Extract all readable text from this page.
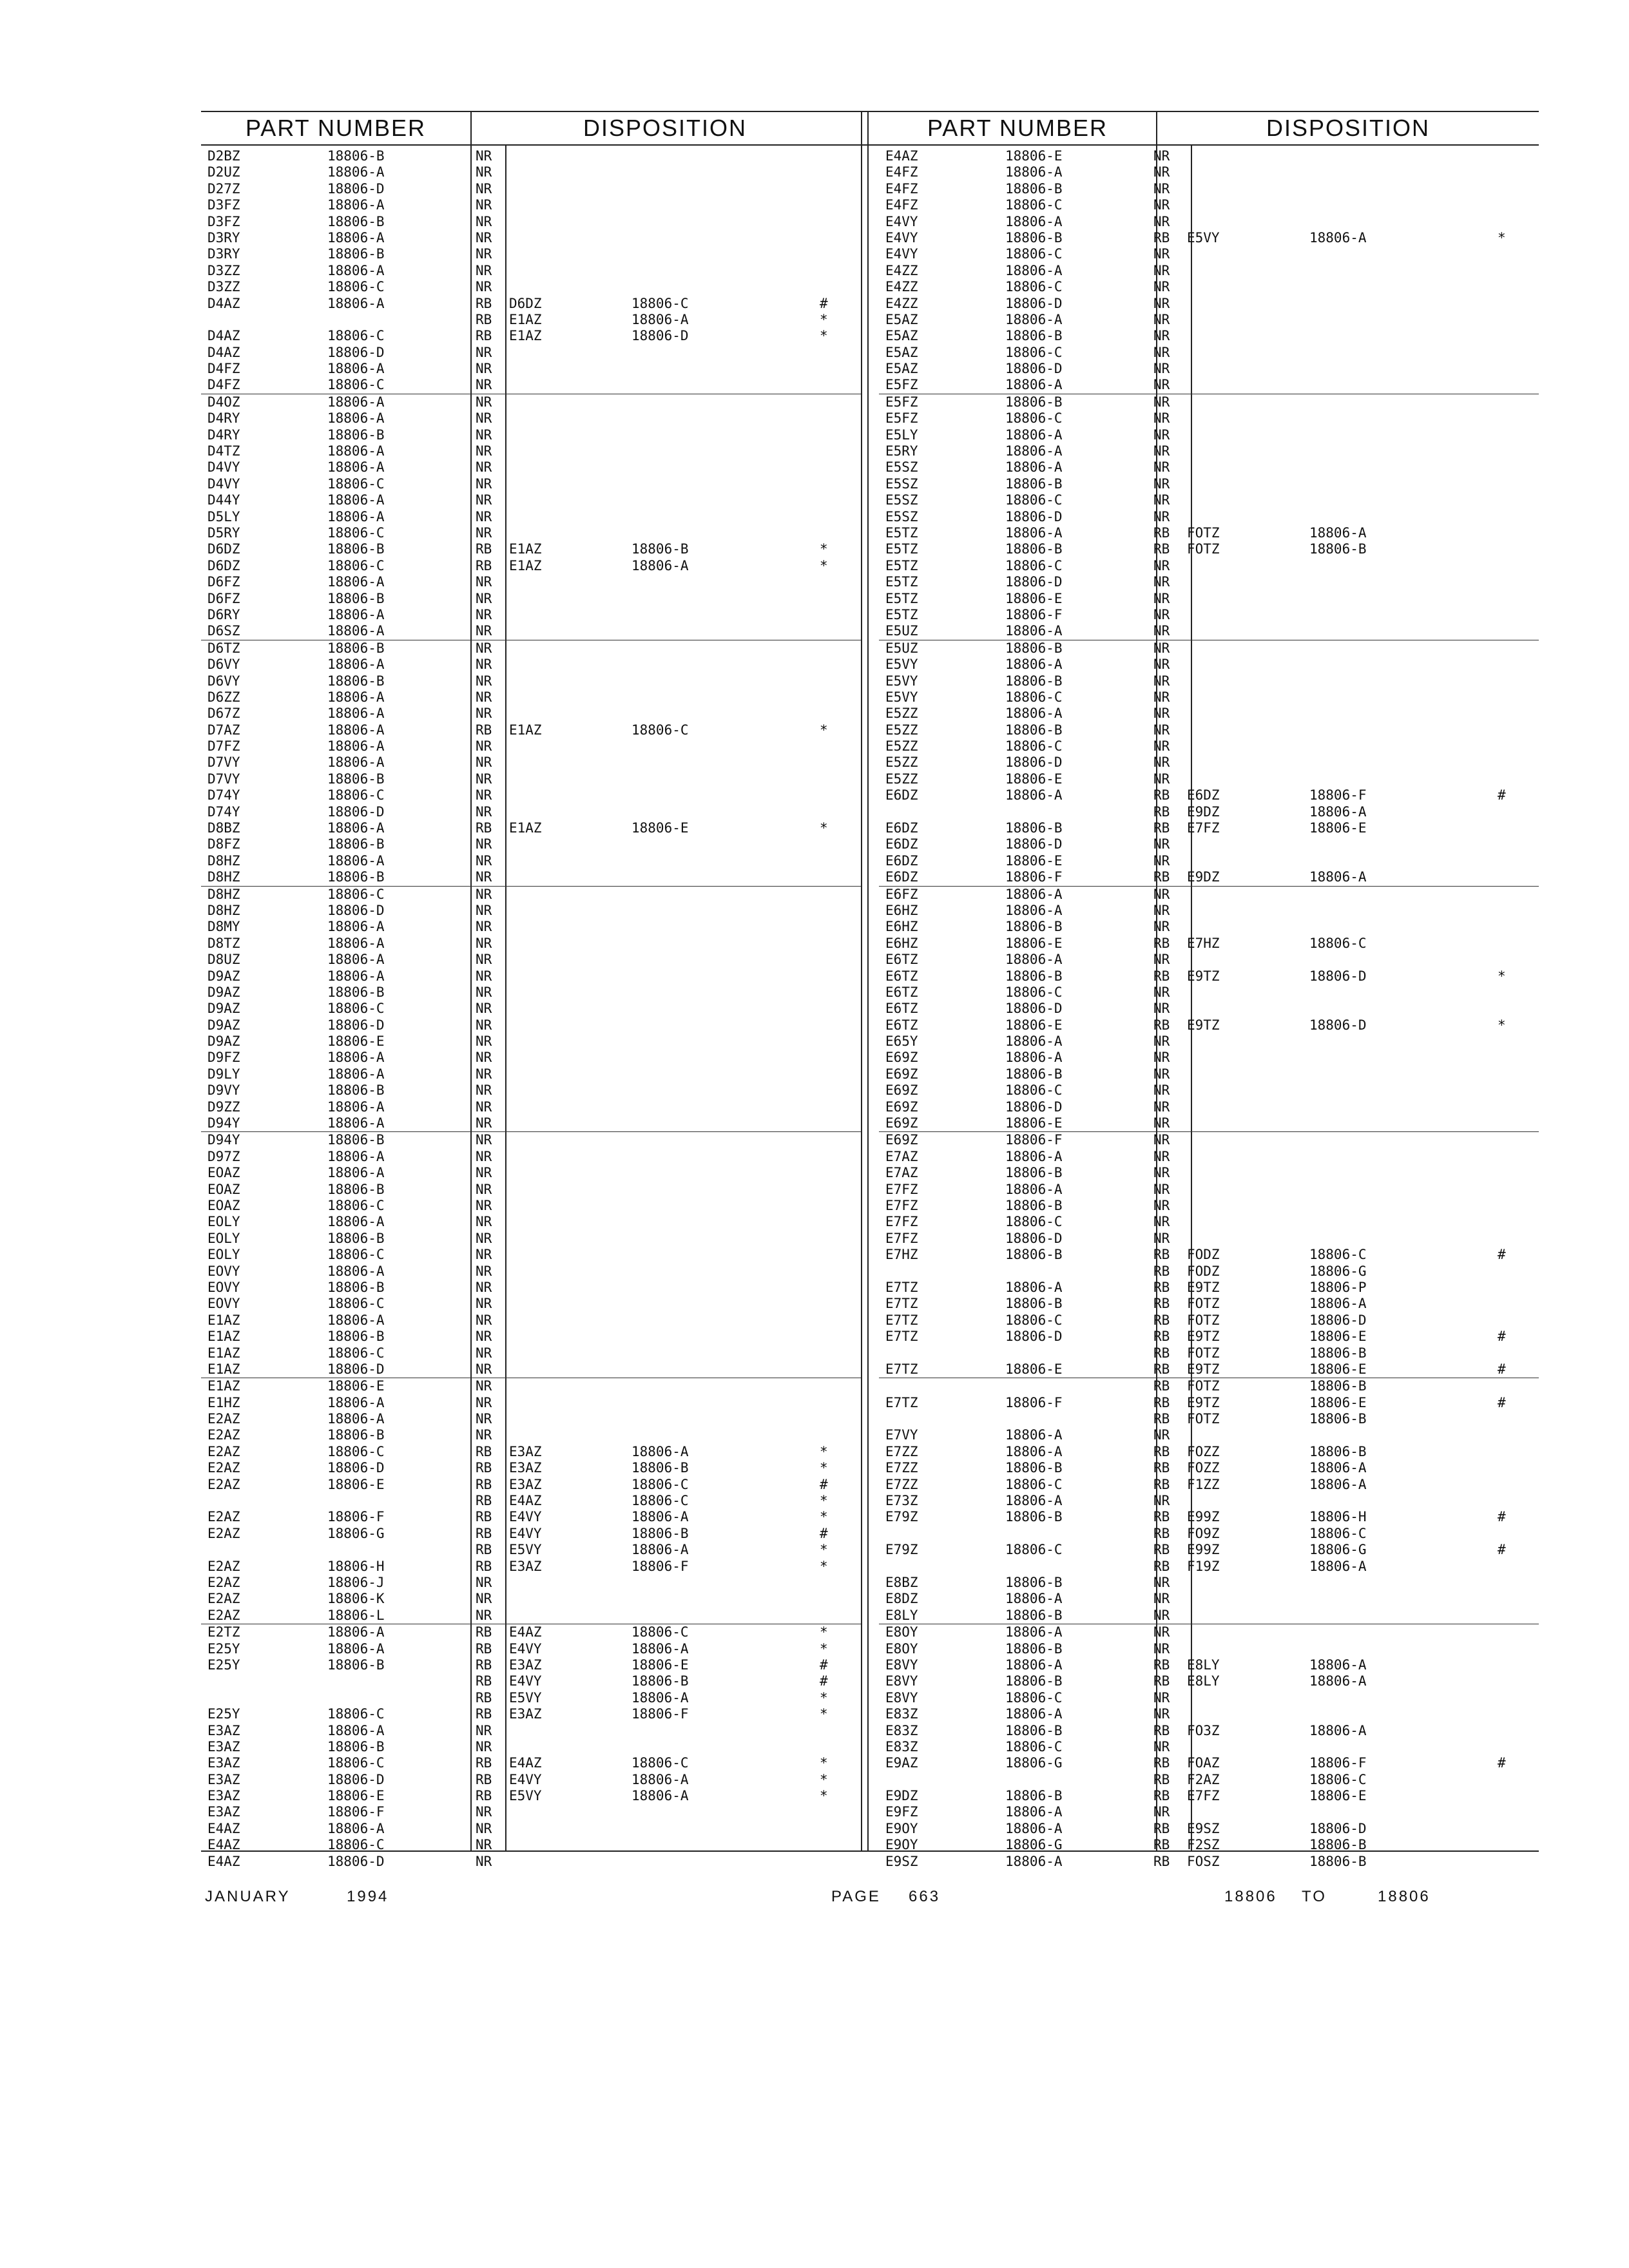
PART NUMBER	DISPOSITION	PART NUMBER	DISPOSITION
D2BZ	18806-B	NR
D2UZ	18806-A	NR
D27Z	18806-D	NR
D3FZ	18806-A	NR
D3FZ	18806-B	NR
D3RY	18806-A	NR
D3RY	18806-B	NR
D3ZZ	18806-A	NR
D3ZZ	18806-C	NR
D4AZ	18806-A	RB D6DZ	18806-C	#
RB E1AZ	18806-A	*
D4AZ	18806-C	RB E1AZ	18806-D	*
D4AZ	18806-D	NR
D4FZ	18806-A	NR
D4FZ	18806-C	NR
D4OZ	18806-A	NR
D4RY	18806-A	NR
D4RY	18806-B	NR
D4TZ	18806-A	NR
D4VY	18806-A	NR
D4VY	18806-C	NR
D44Y	18806-A	NR
D5LY	18806-A	NR
D5RY	18806-C	NR
D6DZ	18806-B	RB E1AZ	18806-B	*
D6DZ	18806-C	RB E1AZ	18806-A	*
D6FZ	18806-A	NR
D6FZ	18806-B	NR
D6RY	18806-A	NR
D6SZ	18806-A	NR
D6TZ	18806-B	NR
D6VY	18806-A	NR
D6VY	18806-B	NR
D6ZZ	18806-A	NR
D67Z	18806-A	NR
D7AZ	18806-A	RB E1AZ	18806-C	*
D7FZ	18806-A	NR
D7VY	18806-A	NR
D7VY	18806-B	NR
D74Y	18806-C	NR
D74Y	18806-D	NR
D8BZ	18806-A	RB E1AZ	18806-E	*
D8FZ	18806-B	NR
D8HZ	18806-A	NR
D8HZ	18806-B	NR
D8HZ	18806-C	NR
D8HZ	18806-D	NR
D8MY	18806-A	NR
D8TZ	18806-A	NR
D8UZ	18806-A	NR
D9AZ	18806-A	NR
D9AZ	18806-B	NR
D9AZ	18806-C	NR
D9AZ	18806-D	NR
D9AZ	18806-E	NR
D9FZ	18806-A	NR
D9LY	18806-A	NR
D9VY	18806-B	NR
D9ZZ	18806-A	NR
D94Y	18806-A	NR
D94Y	18806-B	NR
D97Z	18806-A	NR
EOAZ	18806-A	NR
EOAZ	18806-B	NR
EOAZ	18806-C	NR
EOLY	18806-A	NR
EOLY	18806-B	NR
EOLY	18806-C	NR
EOVY	18806-A	NR
EOVY	18806-B	NR
EOVY	18806-C	NR
E1AZ	18806-A	NR
E1AZ	18806-B	NR
E1AZ	18806-C	NR
E1AZ	18806-D	NR
E1AZ	18806-E	NR
E1HZ	18806-A	NR
E2AZ	18806-A	NR
E2AZ	18806-B	NR
E2AZ	18806-C	RB E3AZ	18806-A	*
E2AZ	18806-D	RB E3AZ	18806-B	*
E2AZ	18806-E	RB E3AZ	18806-C	#
RB E4AZ	18806-C	*
E2AZ	18806-F	RB E4VY	18806-A	*
E2AZ	18806-G	RB E4VY	18806-B	#
RB E5VY	18806-A	*
E2AZ	18806-H	RB E3AZ	18806-F	*
E2AZ	18806-J	NR
E2AZ	18806-K	NR
E2AZ	18806-L	NR
E2TZ	18806-A	RB E4AZ	18806-C	*
E25Y	18806-A	RB E4VY	18806-A	*
E25Y	18806-B	RB E3AZ	18806-E	#
RB E4VY	18806-B	#
RB E5VY	18806-A	*
E25Y	18806-C	RB E3AZ	18806-F	*
E3AZ	18806-A	NR
E3AZ	18806-B	NR
E3AZ	18806-C	RB E4AZ	18806-C	*
E3AZ	18806-D	RB E4VY	18806-A	*
E3AZ	18806-E	RB E5VY	18806-A	*
E3AZ	18806-F	NR
E4AZ	18806-A	NR
E4AZ	18806-C	NR
E4AZ	18806-D	NR
E4AZ	18806-E	NR
E4FZ	18806-A	NR
E4FZ	18806-B	NR
E4FZ	18806-C	NR
E4VY	18806-A	NR
E4VY	18806-B	RB E5VY	18806-A	*
E4VY	18806-C	NR
E4ZZ	18806-A	NR
E4ZZ	18806-C	NR
E4ZZ	18806-D	NR
E5AZ	18806-A	NR
E5AZ	18806-B	NR
E5AZ	18806-C	NR
E5AZ	18806-D	NR
E5FZ	18806-A	NR
E5FZ	18806-B	NR
E5FZ	18806-C	NR
E5LY	18806-A	NR
E5RY	18806-A	NR
E5SZ	18806-A	NR
E5SZ	18806-B	NR
E5SZ	18806-C	NR
E5SZ	18806-D	NR
E5TZ	18806-A	RB FOTZ	18806-A
E5TZ	18806-B	RB FOTZ	18806-B
E5TZ	18806-C	NR
E5TZ	18806-D	NR
E5TZ	18806-E	NR
E5TZ	18806-F	NR
E5UZ	18806-A	NR
E5UZ	18806-B	NR
E5VY	18806-A	NR
E5VY	18806-B	NR
E5VY	18806-C	NR
E5ZZ	18806-A	NR
E5ZZ	18806-B	NR
E5ZZ	18806-C	NR
E5ZZ	18806-D	NR
E5ZZ	18806-E	NR
E6DZ	18806-A	RB E6DZ	18806-F	#
RB E9DZ	18806-A
E6DZ	18806-B	RB E7FZ	18806-E
E6DZ	18806-D	NR
E6DZ	18806-E	NR
E6DZ	18806-F	RB E9DZ	18806-A
E6FZ	18806-A	NR
E6HZ	18806-A	NR
E6HZ	18806-B	NR
E6HZ	18806-E	RB E7HZ	18806-C
E6TZ	18806-A	NR
E6TZ	18806-B	RB E9TZ	18806-D	*
E6TZ	18806-C	NR
E6TZ	18806-D	NR
E6TZ	18806-E	RB E9TZ	18806-D	*
E65Y	18806-A	NR
E69Z	18806-A	NR
E69Z	18806-B	NR
E69Z	18806-C	NR
E69Z	18806-D	NR
E69Z	18806-E	NR
E69Z	18806-F	NR
E7AZ	18806-A	NR
E7AZ	18806-B	NR
E7FZ	18806-A	NR
E7FZ	18806-B	NR
E7FZ	18806-C	NR
E7FZ	18806-D	NR
E7HZ	18806-B	RB FODZ	18806-C	#
RB FODZ	18806-G
E7TZ	18806-A	RB E9TZ	18806-P
E7TZ	18806-B	RB FOTZ	18806-A
E7TZ	18806-C	RB FOTZ	18806-D
E7TZ	18806-D	RB E9TZ	18806-E	#
RB FOTZ	18806-B
E7TZ	18806-E	RB E9TZ	18806-E	#
RB FOTZ	18806-B
E7TZ	18806-F	RB E9TZ	18806-E	#
RB FOTZ	18806-B
E7VY	18806-A	NR
E7ZZ	18806-A	RB FOZZ	18806-B
E7ZZ	18806-B	RB FOZZ	18806-A
E7ZZ	18806-C	RB F1ZZ	18806-A
E73Z	18806-A	NR
E79Z	18806-B	RB E99Z	18806-H	#
RB FO9Z	18806-C
E79Z	18806-C	RB E99Z	18806-G	#
RB F19Z	18806-A
E8BZ	18806-B	NR
E8DZ	18806-A	NR
E8LY	18806-B	NR
E8OY	18806-A	NR
E8OY	18806-B	NR
E8VY	18806-A	RB E8LY	18806-A
E8VY	18806-B	RB E8LY	18806-A
E8VY	18806-C	NR
E83Z	18806-A	NR
E83Z	18806-B	RB FO3Z	18806-A
E83Z	18806-C	NR
E9AZ	18806-G	RB FOAZ	18806-F	#
RB F2AZ	18806-C
E9DZ	18806-B	RB E7FZ	18806-E
E9FZ	18806-A	NR
E9OY	18806-A	RB E9SZ	18806-D
E9OY	18806-G	RB F2SZ	18806-B
E9SZ	18806-A	RB FOSZ	18806-B
JANUARY	1994	PAGE 663	18806 TO	18806
